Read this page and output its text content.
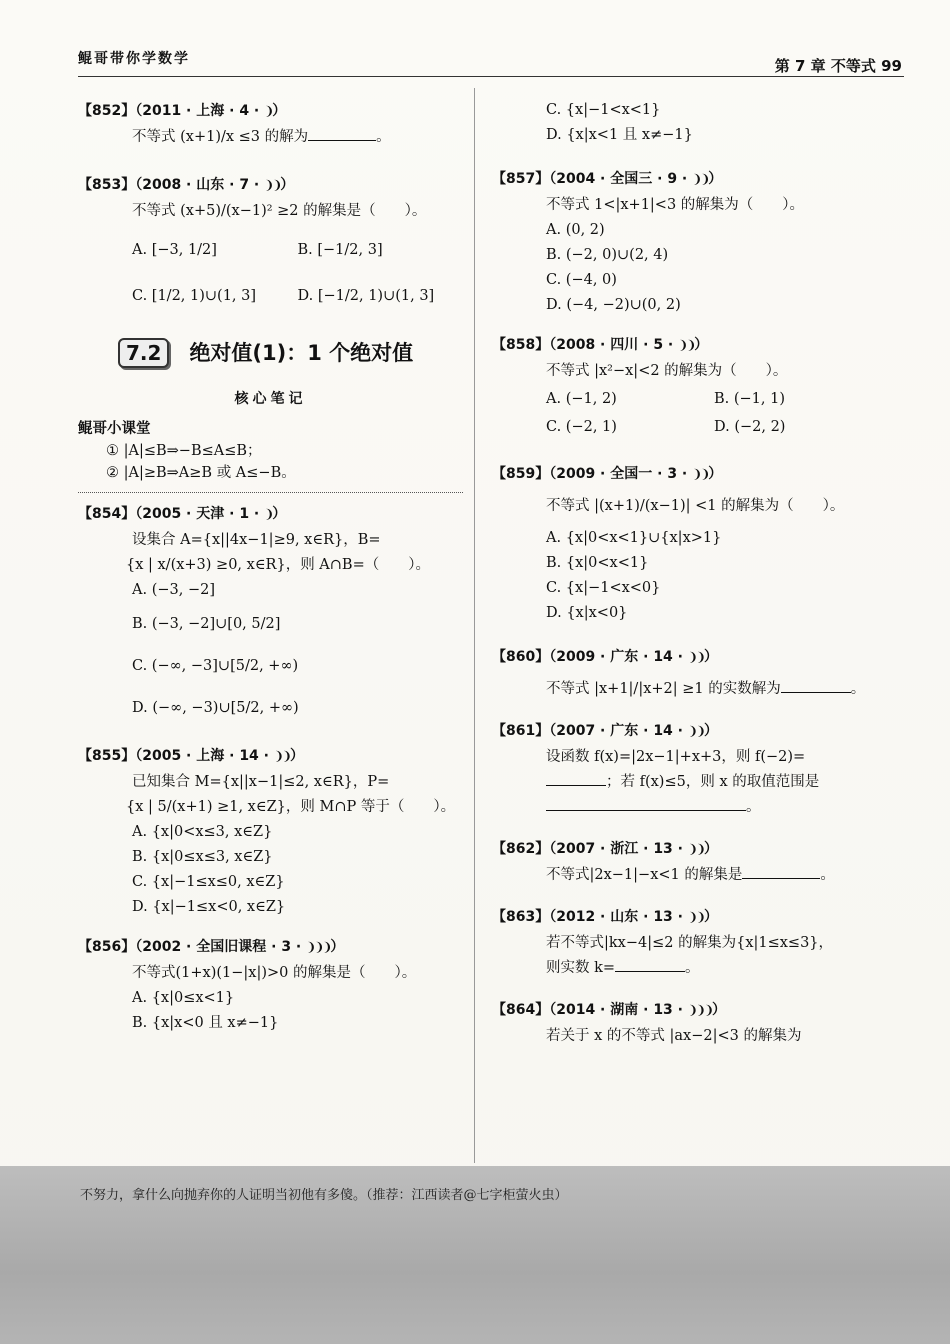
鲲哥带你学数学	第 7 章 不等式 99
【852】（2011 · 上海 · 4 · ❩）
不等式 (x+1)/x ≤3 的解为	。
【853】（2008 · 山东 · 7 · ❩❩）
不等式 (x+5)/(x−1)² ≥2 的解集是（　　）。
A. [−3, 1/2]	B. [−1/2, 3]
C. [1/2, 1)∪(1, 3]	D. [−1/2, 1)∪(1, 3]
7.2	绝对值(1)：1 个绝对值
核心笔记
鲲哥小课堂
① |A|≤B⇒−B≤A≤B；
② |A|≥B⇒A≥B 或 A≤−B。
【854】（2005 · 天津 · 1 · ❩）
设集合 A={x||4x−1|≥9, x∈R}，B=
{x | x/(x+3) ≥0, x∈R}，则 A∩B=（　　）。
A. (−3, −2]
B. (−3, −2]∪[0, 5/2]
C. (−∞, −3]∪[5/2, +∞)
D. (−∞, −3)∪[5/2, +∞)
【855】（2005 · 上海 · 14 · ❩❩）
已知集合 M={x||x−1|≤2, x∈R}，P=
{x | 5/(x+1) ≥1, x∈Z}，则 M∩P 等于（　　）。
A. {x|0<x≤3, x∈Z}
B. {x|0≤x≤3, x∈Z}
C. {x|−1≤x≤0, x∈Z}
D. {x|−1≤x<0, x∈Z}
【856】（2002 · 全国旧课程 · 3 · ❩❩❩）
不等式(1+x)(1−|x|)>0 的解集是（　　）。
A. {x|0≤x<1}
B. {x|x<0 且 x≠−1}
C. {x|−1<x<1}
D. {x|x<1 且 x≠−1}
【857】（2004 · 全国三 · 9 · ❩❩）
不等式 1<|x+1|<3 的解集为（　　）。
A. (0, 2)
B. (−2, 0)∪(2, 4)
C. (−4, 0)
D. (−4, −2)∪(0, 2)
【858】（2008 · 四川 · 5 · ❩❩）
不等式 |x²−x|<2 的解集为（　　）。
A. (−1, 2)	B. (−1, 1)
C. (−2, 1)	D. (−2, 2)
【859】（2009 · 全国一 · 3 · ❩❩）
不等式 |(x+1)/(x−1)| <1 的解集为（　　）。
A. {x|0<x<1}∪{x|x>1}
B. {x|0<x<1}
C. {x|−1<x<0}
D. {x|x<0}
【860】（2009 · 广东 · 14 · ❩❩）
不等式 |x+1|/|x+2| ≥1 的实数解为	。
【861】（2007 · 广东 · 14 · ❩❩）
设函数 f(x)=|2x−1|+x+3，则 f(−2)=
；若 f(x)≤5，则 x 的取值范围是
。
【862】（2007 · 浙江 · 13 · ❩❩）
不等式|2x−1|−x<1 的解集是	。
【863】（2012 · 山东 · 13 · ❩❩）
若不等式|kx−4|≤2 的解集为{x|1≤x≤3}，
则实数 k=	。
【864】（2014 · 湖南 · 13 · ❩❩❩）
若关于 x 的不等式 |ax−2|<3 的解集为
不努力，拿什么向抛弃你的人证明当初他有多傻。（推荐：江西读者@七字柜萤火虫）
